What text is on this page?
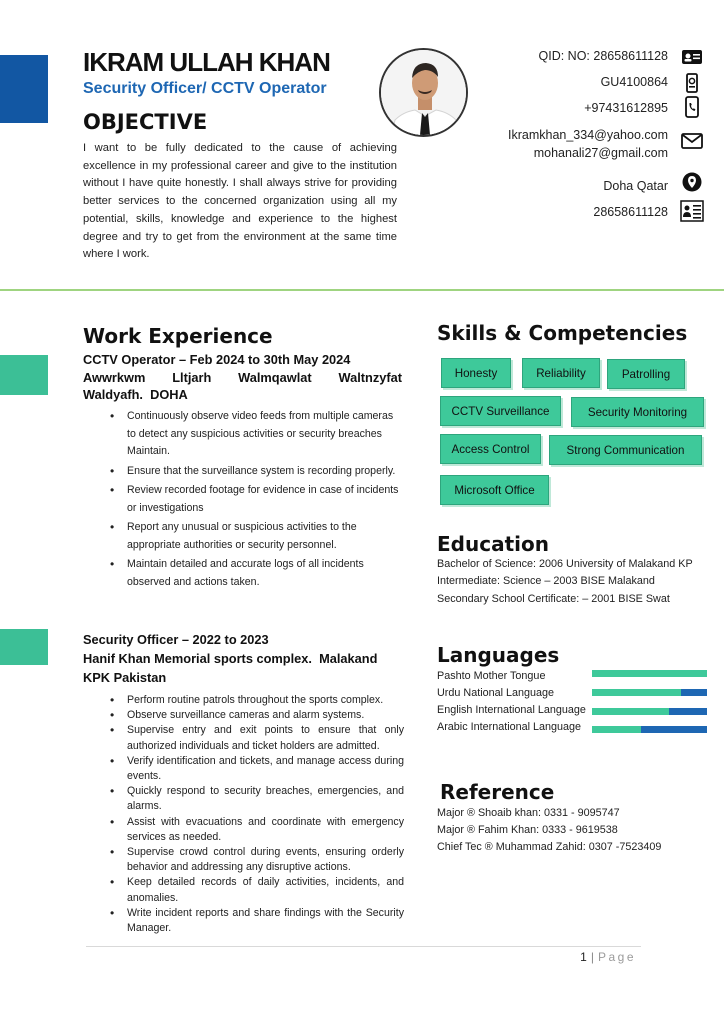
IKRAM ULLAH KHAN
Security Officer/ CCTV Operator
OBJECTIVE
I want to be fully dedicated to the cause of achieving excellence in my professional career and give to the institution without I have quite honestly. I shall always strive for providing better services to the concerned organization using all my potential, skills, knowledge and experience to the highest degree and try to get from the environment at the same time where I work.
QID: NO: 28658611128
GU4100864
+97431612895
Ikramkhan_334@yahoo.com
mohanali27@gmail.com
Doha Qatar
28658611128
Work Experience
CCTV Operator – Feb 2024 to 30th May 2024
Awwrkwm Lltjarh Walmqawlat Waltnzyfat
Waldyafh.  DOHA
• Continuously observe video feeds from multiple cameras to detect any suspicious activities or security breaches Maintain.
• Ensure that the surveillance system is recording properly.
• Review recorded footage for evidence in case of incidents or investigations
• Report any unusual or suspicious activities to the appropriate authorities or security personnel.
• Maintain detailed and accurate logs of all incidents observed and actions taken.
Security Officer – 2022 to 2023
Hanif Khan Memorial sports complex.  Malakand
KPK Pakistan
• Perform routine patrols throughout the sports complex.
• Observe surveillance cameras and alarm systems.
• Supervise entry and exit points to ensure that only authorized individuals and ticket holders are admitted.
• Verify identification and tickets, and manage access during events.
• Quickly respond to security breaches, emergencies, and alarms.
• Assist with evacuations and coordinate with emergency services as needed.
• Supervise crowd control during events, ensuring orderly behavior and addressing any disruptive actions.
• Keep detailed records of daily activities, incidents, and anomalies.
• Write incident reports and share findings with the Security Manager.
Skills & Competencies
Honesty	Reliability	Patrolling
CCTV Surveillance	Security Monitoring
Access Control	Strong Communication
Microsoft Office
Education
Bachelor of Science: 2006 University of Malakand KP
Intermediate: Science – 2003 BISE Malakand
Secondary School Certificate: – 2001 BISE Swat
Languages
Pashto Mother Tongue
Urdu National Language
English International Language
Arabic International Language
Reference
Major ® Shoaib khan: 0331 - 9095747
Major ® Fahim Khan: 0333 - 9619538
Chief Tec ® Muhammad Zahid: 0307 -7523409
1 | Page
